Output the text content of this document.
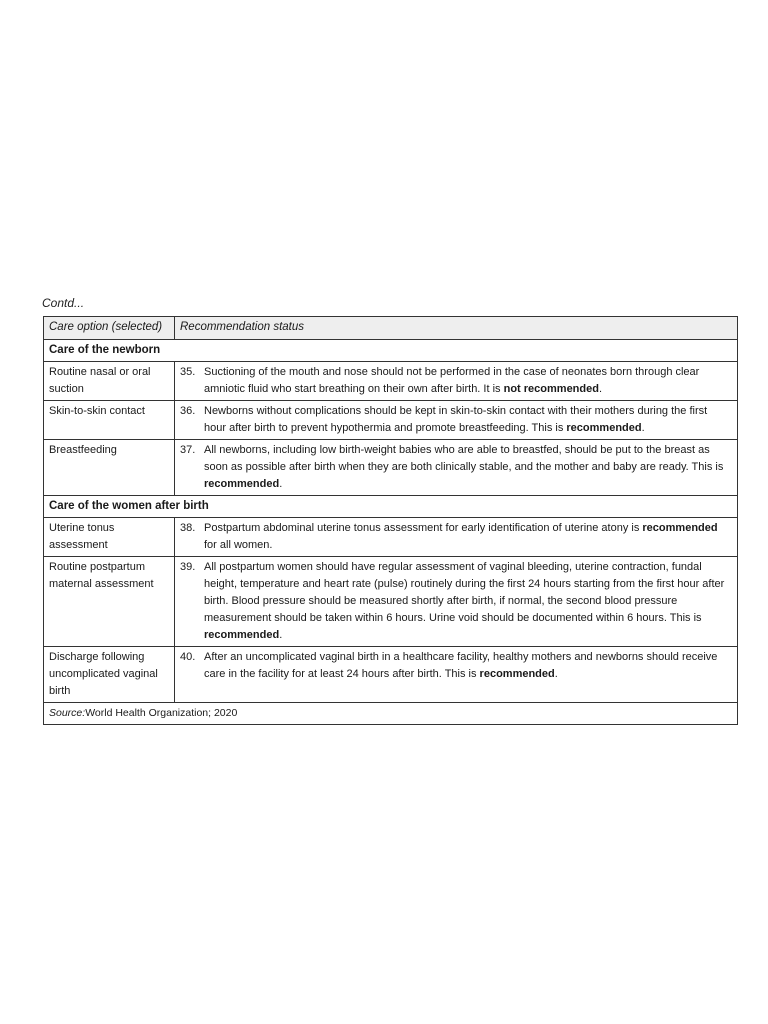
Contd...
Care option (selected)	Recommendation status
Care of the newborn	
Routine nasal or oral suction	35. Suctioning of the mouth and nose should not be performed in the case of neonates born through clear amniotic fluid who start breathing on their own after birth. It is not recommended.

Skin-to-skin contact	36. Newborns without complications should be kept in skin-to-skin contact with their mothers during the first hour after birth to prevent hypothermia and promote breastfeeding. This is recommended.

Breastfeeding	37. All newborns, including low birth-weight babies who are able to breastfed, should be put to the breast as soon as possible after birth when they are both clinically stable, and the mother and baby are ready. This is recommended.

Care of the women after birth	
Uterine tonus assessment	38. Postpartum abdominal uterine tonus assessment for early identification of uterine atony is recommended for all women.

Routine postpartum maternal assessment	39. All postpartum women should have regular assessment of vaginal bleeding, uterine contraction, fundal height, temperature and heart rate (pulse) routinely during the first 24 hours starting from the first hour after birth. Blood pressure should be measured shortly after birth, if normal, the second blood pressure measurement should be taken within 6 hours. Urine void should be documented within 6 hours. This is recommended.

Discharge following uncomplicated vaginal birth	40. After an uncomplicated vaginal birth in a healthcare facility, healthy mothers and newborns should receive care in the facility for at least 24 hours after birth. This is recommended.

Source:World Health Organization; 2020	
